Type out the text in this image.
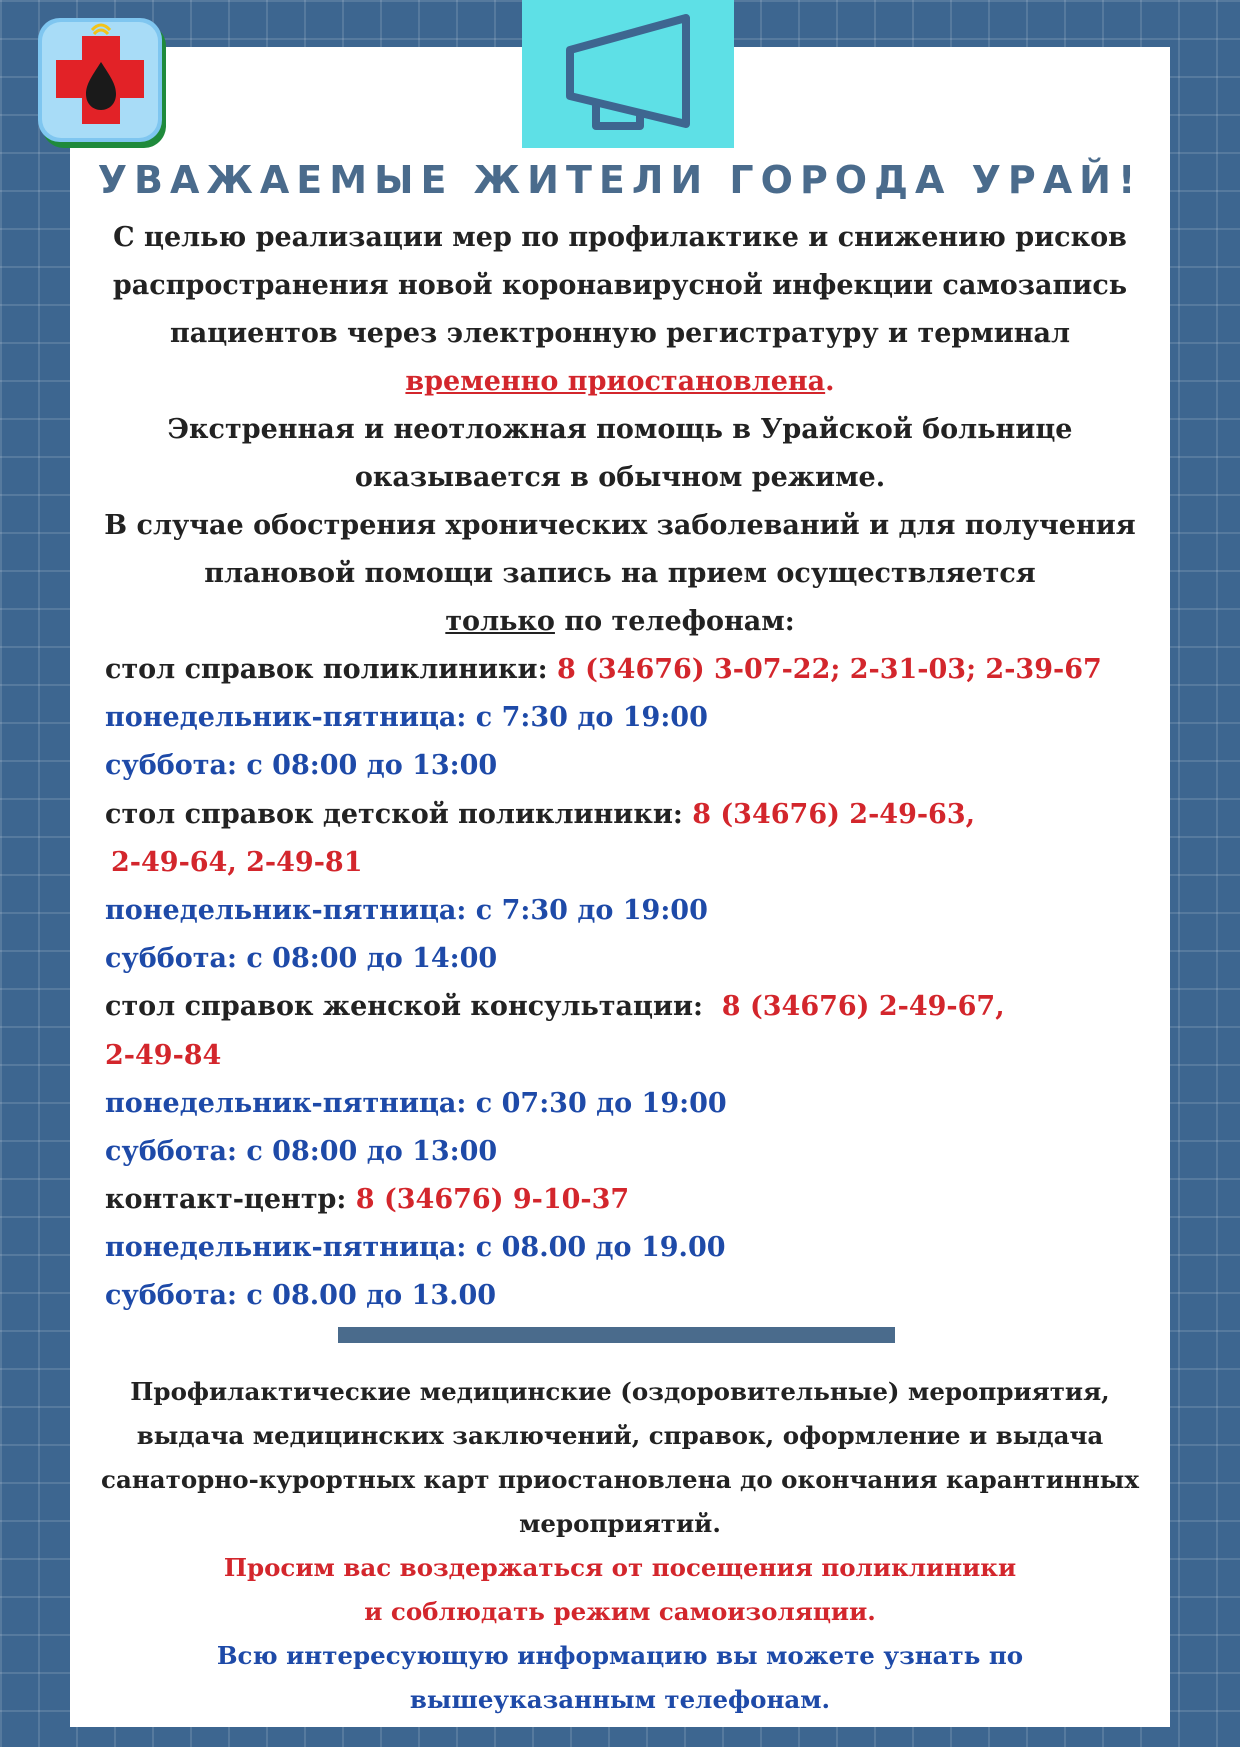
УВАЖАЕМЫЕ ЖИТЕЛИ ГОРОДА УРАЙ!
С целью реализации мер по профилактике и снижению рисков
распространения новой коронавирусной инфекции самозапись
пациентов через электронную регистратуру и терминал
временно приостановлена.
Экстренная и неотложная помощь в Урайской больнице
оказывается в обычном режиме.
В случае обострения хронических заболеваний и для получения
плановой помощи запись на прием осуществляется
только по телефонам:
стол справок поликлиники: 8 (34676) 3-07-22; 2-31-03; 2-39-67
понедельник-пятница: с 7:30 до 19:00
суббота: с 08:00 до 13:00
стол справок детской поликлиники: 8 (34676) 2-49-63,
2-49-64, 2-49-81
понедельник-пятница: с 7:30 до 19:00
суббота: с 08:00 до 14:00
стол справок женской консультации:  8 (34676) 2-49-67,
2-49-84
понедельник-пятница: с 07:30 до 19:00
суббота: с 08:00 до 13:00
контакт-центр: 8 (34676) 9-10-37
понедельник-пятница: с 08.00 до 19.00
суббота: с 08.00 до 13.00
Профилактические медицинские (оздоровительные) мероприятия,
выдача медицинских заключений, справок, оформление и выдача
санаторно-курортных карт приостановлена до окончания карантинных
мероприятий.
Просим вас воздержаться от посещения поликлиники
и соблюдать режим самоизоляции.
Всю интересующую информацию вы можете узнать по
вышеуказанным телефонам.
